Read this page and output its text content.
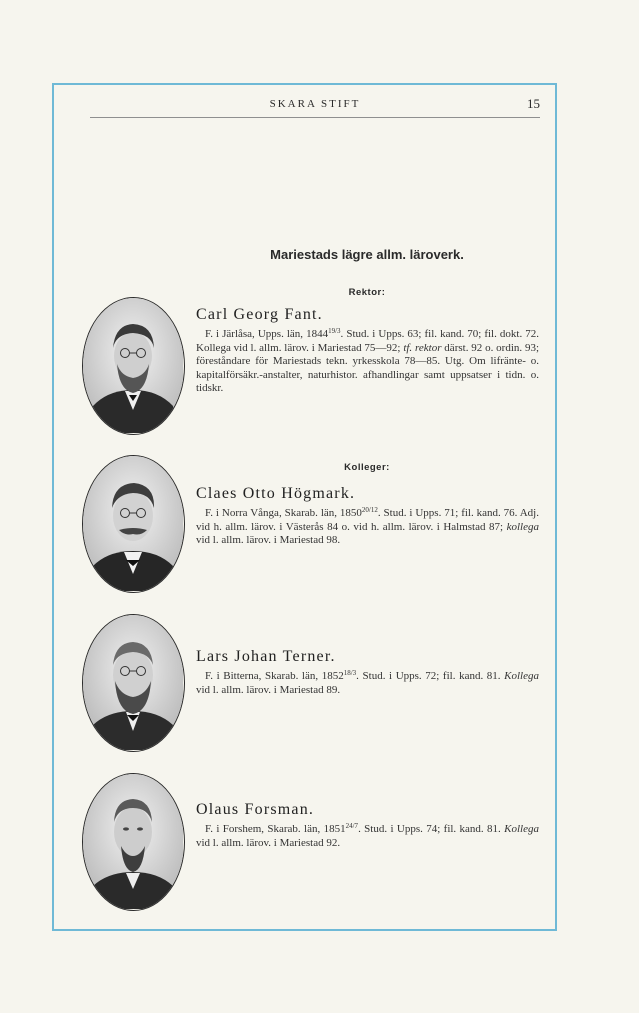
SKARA STIFT	15
Mariestads lägre allm. läroverk.
Rektor:
Kolleger:
Carl Georg Fant.

F. i Järlåsa, Upps. län, $1844^{19/3}$. Stud. i Upps. 63; fil. kand. 70; fil. dokt. 72. Kollega vid l. allm. lärov. i Mariestad 75—92; tf. rektor därst. 92 o. ordin. 93; föreståndare för Mariestads tekn. yrkesskola 78—85. Utg. Om lifränte- o. kapitalförsäkr.-anstalter, naturhistor. afhandlingar samt uppsatser i tidn. o. tidskr.

Claes Otto Högmark.

F. i Norra Vånga, Skarab. län, $1850^{20/12}$. Stud. i Upps. 71; fil. kand. 76. Adj. vid h. allm. lärov. i Västerås 84 o. vid h. allm. lärov. i Halmstad 87; kollega vid l. allm. lärov. i Mariestad 98.

Lars Johan Terner.

F. i Bitterna, Skarab. län, $1852^{18/3}$. Stud. i Upps. 72; fil. kand. 81. Kollega vid l. allm. lärov. i Mariestad 89.

Olaus Forsman.

F. i Forshem, Skarab. län, $1851^{24/7}$. Stud. i Upps. 74; fil. kand. 81. Kollega vid l. allm. lärov. i Mariestad 92.
